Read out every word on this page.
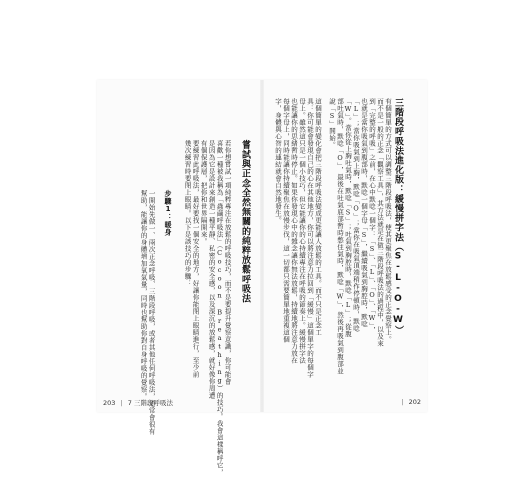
三階段呼吸法進化版：緩慢拼字法（S-L-O-W）
有個簡單的方式可以調整三階段呼吸法，使其更聚焦在放鬆感受的正念覺察上。
而不是一般的正念「觀察工具」，其方法就是在做三階段呼吸法的過程中，以及來
到「完整的呼吸」之前，在心中默唸一個字：「S」、「L」、「O」、「W」，
也就是當你吸氣到腹部時，默唸一個字母「S」，繼續吸氣到胸腔時，默唸
「L」；當你吸氣到上胸，默唸「O」；當你在吸氣頂端稍作停頓時，默唸
「W」。當你從上胸吐氣時，默唸「S」；吐氣到胸腔時，默唸「L」；從腹
部吐氣時，默唸「O」，最後在吐氣底部暫時憋住氣時，默唸「W」，然後再吸氣到腹部並
說「S」開始。
這個簡單的變化會把三階段呼吸法變成更能讓人放鬆的工具。而不只是正念工
具：你可能會發現自己的心在其他地方，你可以將注意力拉回到「緩慢」這個單字的每個字
母上。雖然這只是一個小技巧，但它能讓你的心持續專注在呼吸的節奏上。緩慢拼字法
也能讓你的思緒暫時停止。如果你發現心中的雜念讓你無法放鬆，持續地將注意力放在
每個字母上，同時能讓你持續聚焦在放慢步伐，這一切都只需要簡單地重複這個
字，身體與心智的連結就會自然地發生。
嘗試與正念全然無關的純粹放鬆呼吸法
若你想嘗試一項純粹專注在放鬆的呼吸技巧，而不是要提升覺察意識，你可能會
喜歡一種被我稱為「蟲繭呼吸法」（Cocoon Breathing）的技巧。我會這樣稱呼它，
是因為它是設計來創造一種平靜、私密的安全感，以及深沉的放鬆感，就好像你周遭
有個保護層，把你和世界隔開來。
要練習此呼吸法，最好要找一個安全的地方，好讓你能閉上眼睛進行，至少前
幾次練習時要閉上眼睛。以下是該技巧的步驟：
步驟1：暖身
一開始先做一、兩次正念呼吸、三階段呼吸，或者其他任何呼吸法，通常會很有
幫助，能讓你的身體增加氧氣量，同時也幫助你對自身呼吸的覺察。
203 | 7 三階段呼吸法	| 202
